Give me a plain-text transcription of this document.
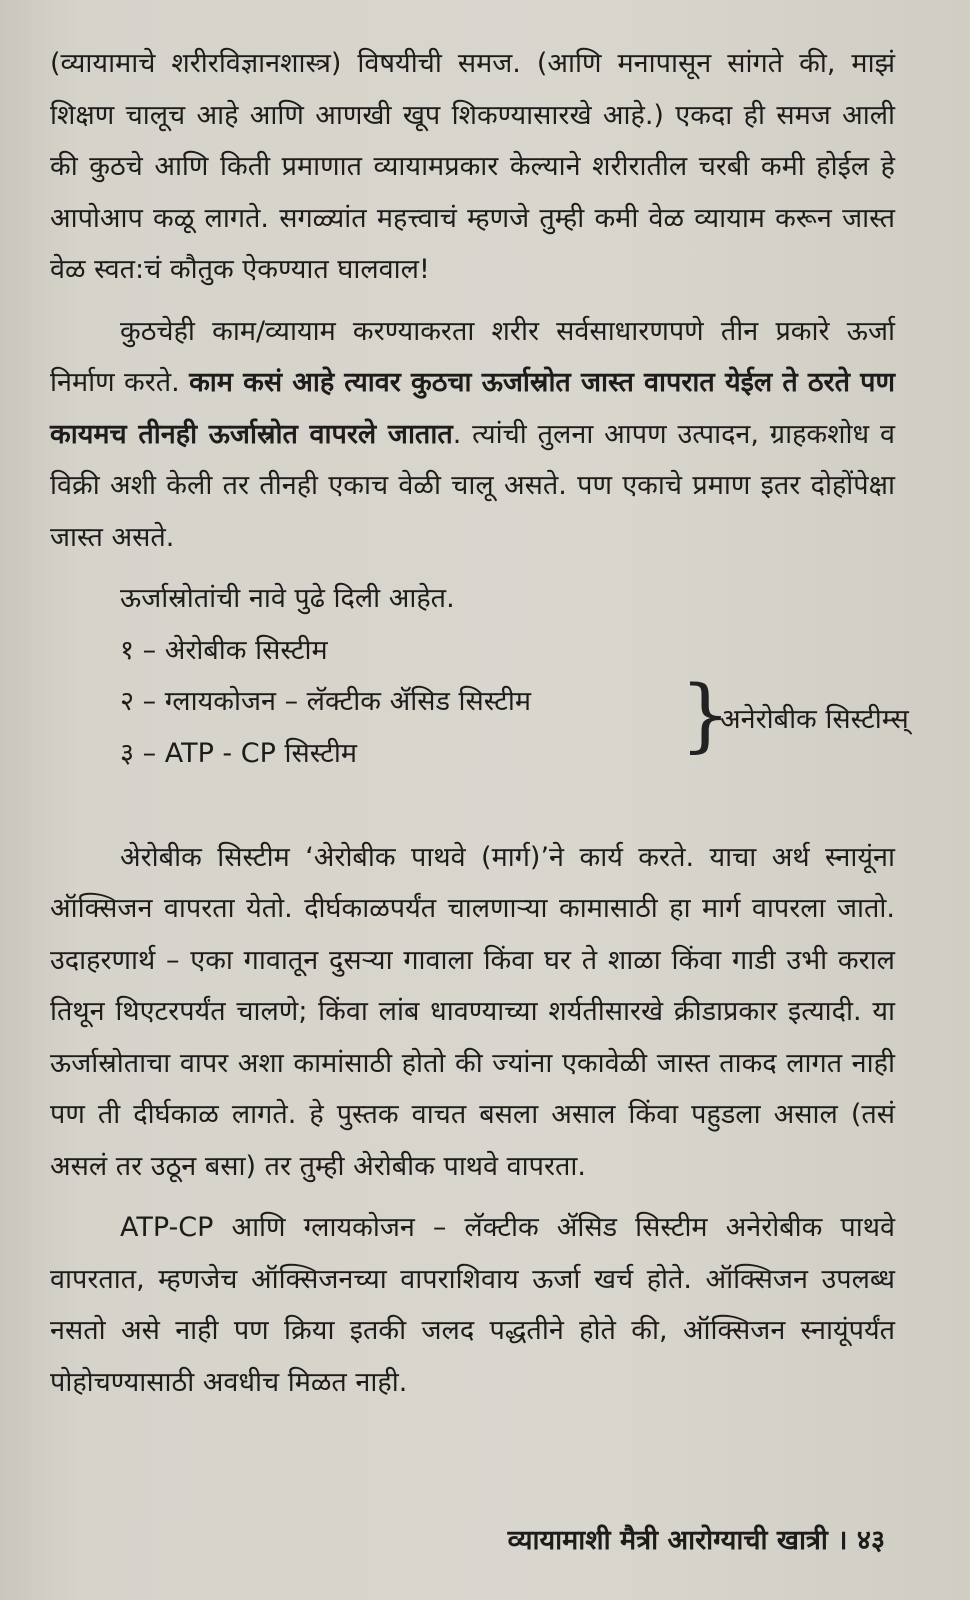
(व्यायामाचे शरीरविज्ञानशास्त्र) विषयीची समज. (आणि मनापासून सांगते की, माझं शिक्षण चालूच आहे आणि आणखी खूप शिकण्यासारखे आहे.) एकदा ही समज आली की कुठचे आणि किती प्रमाणात व्यायामप्रकार केल्याने शरीरातील चरबी कमी होईल हे आपोआप कळू लागते. सगळ्यांत महत्त्वाचं म्हणजे तुम्ही कमी वेळ व्यायाम करून जास्त वेळ स्वत:चं कौतुक ऐकण्यात घालवाल!

कुठचेही काम/व्यायाम करण्याकरता शरीर सर्वसाधारणपणे तीन प्रकारे ऊर्जा निर्माण करते. काम कसं आहे त्यावर कुठचा ऊर्जास्रोत जास्त वापरात येईल ते ठरते पण कायमच तीनही ऊर्जास्रोत वापरले जातात. त्यांची तुलना आपण उत्पादन, ग्राहकशोध व विक्री अशी केली तर तीनही एकाच वेळी चालू असते. पण एकाचे प्रमाण इतर दोहोंपेक्षा जास्त असते.

ऊर्जास्रोतांची नावे पुढे दिली आहेत.
१ – अेरोबीक सिस्टीम
२ – ग्लायकोजन – लॅक्टीक ॲसिड सिस्टीम
३ – ATP - CP सिस्टीम	}
अनेरोबीक सिस्टीम्स्

अेरोबीक सिस्टीम ‘अेरोबीक पाथवे (मार्ग)’ने कार्य करते. याचा अर्थ स्नायूंना ऑक्सिजन वापरता येतो. दीर्घकाळपर्यंत चालणाऱ्या कामासाठी हा मार्ग वापरला जातो. उदाहरणार्थ – एका गावातून दुसऱ्या गावाला किंवा घर ते शाळा किंवा गाडी उभी कराल तिथून थिएटरपर्यंत चालणे; किंवा लांब धावण्याच्या शर्यतीसारखे क्रीडाप्रकार इत्यादी. या ऊर्जास्रोताचा वापर अशा कामांसाठी होतो की ज्यांना एकावेळी जास्त ताकद लागत नाही पण ती दीर्घकाळ लागते. हे पुस्तक वाचत बसला असाल किंवा पहुडला असाल (तसं असलं तर उठून बसा) तर तुम्ही अेरोबीक पाथवे वापरता.

ATP-CP आणि ग्लायकोजन – लॅक्टीक ॲसिड सिस्टीम अनेरोबीक पाथवे वापरतात, म्हणजेच ऑक्सिजनच्या वापराशिवाय ऊर्जा खर्च होते. ऑक्सिजन उपलब्ध नसतो असे नाही पण क्रिया इतकी जलद पद्धतीने होते की, ऑक्सिजन स्नायूंपर्यंत पोहोचण्यासाठी अवधीच मिळत नाही.

व्यायामाशी मैत्री आरोग्याची खात्री । ४३
